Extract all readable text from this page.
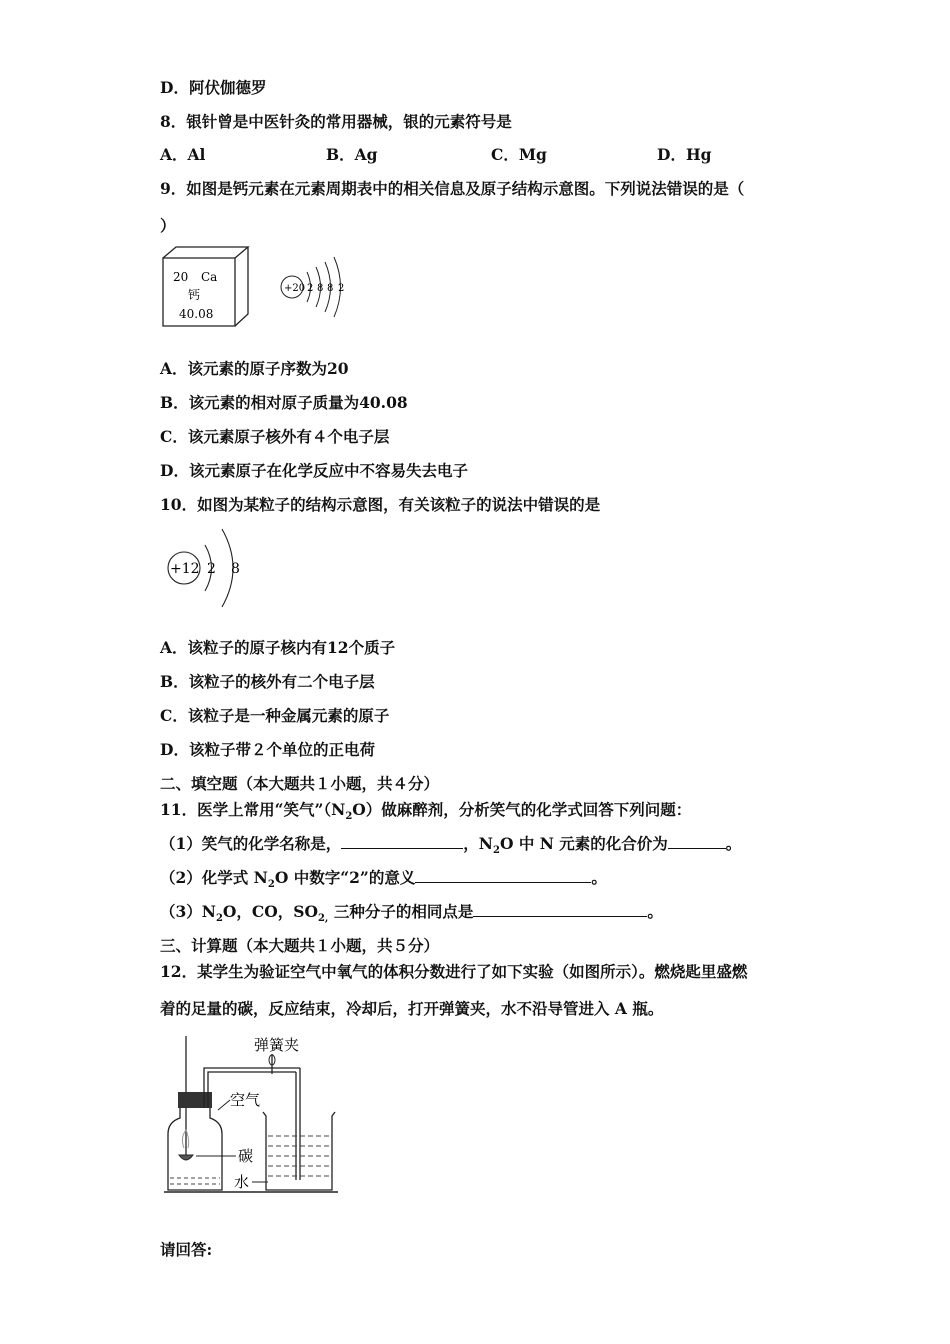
D．阿伏伽德罗
8．银针曾是中医针灸的常用器械，银的元素符号是
A．Al	B．Ag	C．Mg	D．Hg
9．如图是钙元素在元素周期表中的相关信息及原子结构示意图。下列说法错误的是（
）
20 Ca
钙
40.08
+20 2 8 8 2
A．该元素的原子序数为20
B．该元素的相对原子质量为40.08
C．该元素原子核外有４个电子层
D．该元素原子在化学反应中不容易失去电子
10．如图为某粒子的结构示意图，有关该粒子的说法中错误的是
+12 2 8
A．该粒子的原子核内有12个质子
B．该粒子的核外有二个电子层
C．该粒子是一种金属元素的原子
D．该粒子带２个单位的正电荷
二、填空题（本大题共１小题，共４分）
11．医学上常用“笑气$”(N_2O)$做麻醉剂，分析笑气的化学式回答下列问题：
（1）笑气的化学名称是，	，$N_2O$ 中 N 元素的化合价为	。
（2）化学式 $N_2O$ 中数字“2”的意义	。
$(3)N_2O$，CO，$SO_{2,}$ 三种分子的相同点是	。
三、计算题（本大题共１小题，共５分）
12．某学生为验证空气中氧气的体积分数进行了如下实验（如图所示）。燃烧匙里盛燃
着的足量的碳，反应结束，冷却后，打开弹簧夹，水不沿导管进入 A 瓶。
弹簧夹
空气
碳
水
请回答:
